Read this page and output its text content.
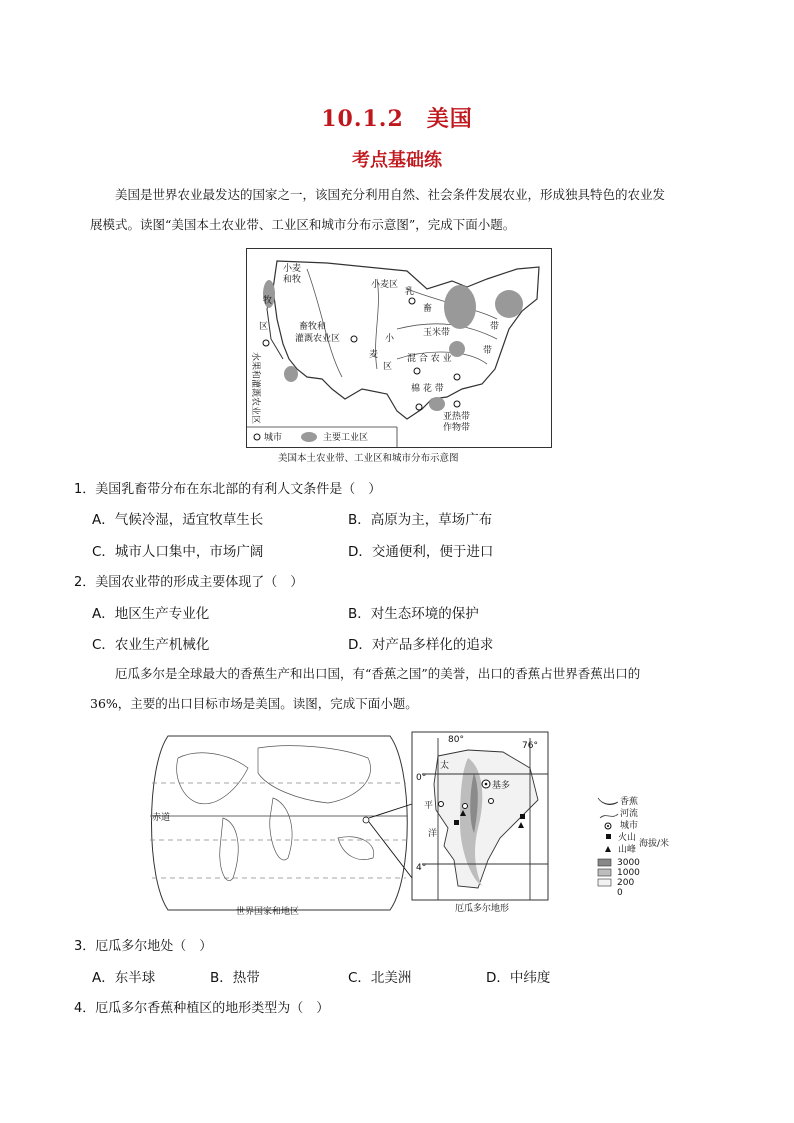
10.1.2　美国
考点基础练
美国是世界农业最发达的国家之一，该国充分利用自然、社会条件发展农业，形成独具特色的农业发
展模式。读图“美国本土农业带、工业区和城市分布示意图”，完成下面小题。
小麦
和牧
牧
区	畜牧和
灌溉农业区
水果和灌溉农业区
小麦区
乳
畜
带
玉米带
小
麦
区
混 合 农 业
带
棉 花 带
亚热带
作物带
城市	主要工业区
美国本土农业带、工业区和城市分布示意图
1．美国乳畜带分布在东北部的有利人文条件是（　）
A．气候冷湿，适宜牧草生长	B．高原为主，草场广布
C．城市人口集中，市场广阔	D．交通便利，便于进口
2．美国农业带的形成主要体现了（　）
A．地区生产专业化	B．对生态环境的保护
C．农业生产机械化	D．对产品多样化的追求
厄瓜多尔是全球最大的香蕉生产和出口国，有“香蕉之国”的美誉，出口的香蕉占世界香蕉出口的
36%，主要的出口目标市场是美国。读图，完成下面小题。
赤道
世界国家和地区
80°
76°
0°
4°
太
平
洋
基多
厄瓜多尔地形
香蕉
河流
城市
火山
山峰
海拔/米
3000
1000
200
0
3．厄瓜多尔地处（　）
A．东半球	B．热带	C．北美洲	D．中纬度
4．厄瓜多尔香蕉种植区的地形类型为（　）
